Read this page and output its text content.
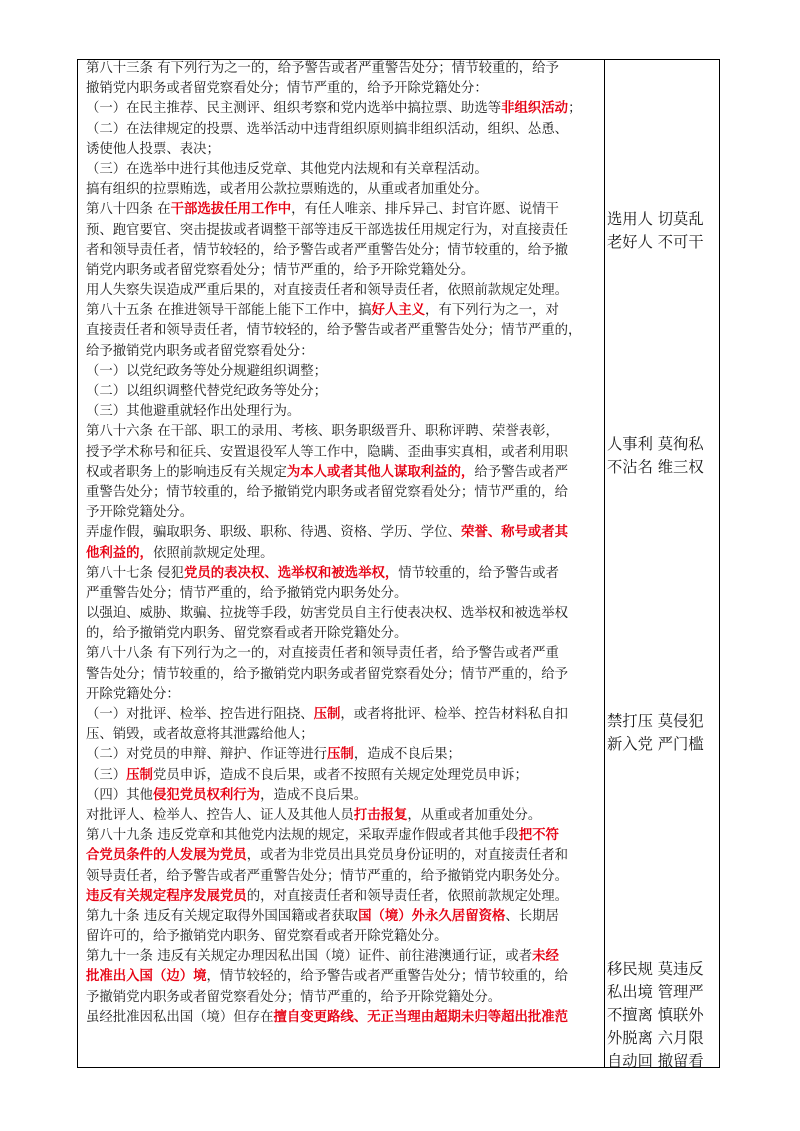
第八十三条 有下列行为之一的，给予警告或者严重警告处分；情节较重的，给予
撤销党内职务或者留党察看处分；情节严重的，给予开除党籍处分：
（一）在民主推荐、民主测评、组织考察和党内选举中搞拉票、助选等非组织活动；
（二）在法律规定的投票、选举活动中违背组织原则搞非组织活动，组织、怂恿、
诱使他人投票、表决；
（三）在选举中进行其他违反党章、其他党内法规和有关章程活动。
搞有组织的拉票贿选，或者用公款拉票贿选的，从重或者加重处分。
第八十四条 在干部选拔任用工作中，有任人唯亲、排斥异己、封官许愿、说情干
预、跑官要官、突击提拔或者调整干部等违反干部选拔任用规定行为，对直接责任
者和领导责任者，情节较轻的，给予警告或者严重警告处分；情节较重的，给予撤
销党内职务或者留党察看处分；情节严重的，给予开除党籍处分。
用人失察失误造成严重后果的，对直接责任者和领导责任者，依照前款规定处理。
第八十五条 在推进领导干部能上能下工作中，搞好人主义，有下列行为之一，对
直接责任者和领导责任者，情节较轻的，给予警告或者严重警告处分；情节严重的，
给予撤销党内职务或者留党察看处分：
（一）以党纪政务等处分规避组织调整；
（二）以组织调整代替党纪政务等处分；
（三）其他避重就轻作出处理行为。
第八十六条 在干部、职工的录用、考核、职务职级晋升、职称评聘、荣誉表彰，
授予学术称号和征兵、安置退役军人等工作中，隐瞒、歪曲事实真相，或者利用职
权或者职务上的影响违反有关规定为本人或者其他人谋取利益的，给予警告或者严
重警告处分；情节较重的，给予撤销党内职务或者留党察看处分；情节严重的，给
予开除党籍处分。
弄虚作假，骗取职务、职级、职称、待遇、资格、学历、学位、荣誉、称号或者其
他利益的，依照前款规定处理。
第八十七条 侵犯党员的表决权、选举权和被选举权，情节较重的，给予警告或者
严重警告处分；情节严重的，给予撤销党内职务处分。
以强迫、威胁、欺骗、拉拢等手段，妨害党员自主行使表决权、选举权和被选举权
的，给予撤销党内职务、留党察看或者开除党籍处分。
第八十八条 有下列行为之一的，对直接责任者和领导责任者，给予警告或者严重
警告处分；情节较重的，给予撤销党内职务或者留党察看处分；情节严重的，给予
开除党籍处分：
（一）对批评、检举、控告进行阻挠、压制，或者将批评、检举、控告材料私自扣
压、销毁，或者故意将其泄露给他人；
（二）对党员的申辩、辩护、作证等进行压制，造成不良后果；
（三）压制党员申诉，造成不良后果，或者不按照有关规定处理党员申诉；
（四）其他侵犯党员权利行为，造成不良后果。
对批评人、检举人、控告人、证人及其他人员打击报复，从重或者加重处分。
第八十九条 违反党章和其他党内法规的规定，采取弄虚作假或者其他手段把不符
合党员条件的人发展为党员，或者为非党员出具党员身份证明的，对直接责任者和
领导责任者，给予警告或者严重警告处分；情节严重的，给予撤销党内职务处分。
违反有关规定程序发展党员的，对直接责任者和领导责任者，依照前款规定处理。
第九十条 违反有关规定取得外国国籍或者获取国（境）外永久居留资格、长期居
留许可的，给予撤销党内职务、留党察看或者开除党籍处分。
第九十一条 违反有关规定办理因私出国（境）证件、前往港澳通行证，或者未经
批准出入国（边）境，情节较轻的，给予警告或者严重警告处分；情节较重的，给
予撤销党内职务或者留党察看处分；情节严重的，给予开除党籍处分。
虽经批准因私出国（境）但存在擅自变更路线、无正当理由超期未归等超出批准范
选用人 切莫乱
老好人 不可干
人事利 莫徇私
不沾名 维三权
禁打压 莫侵犯
新入党 严门槛
移民规 莫违反
私出境 管理严
不擅离 慎联外
外脱离 六月限
自动回 撤留看
